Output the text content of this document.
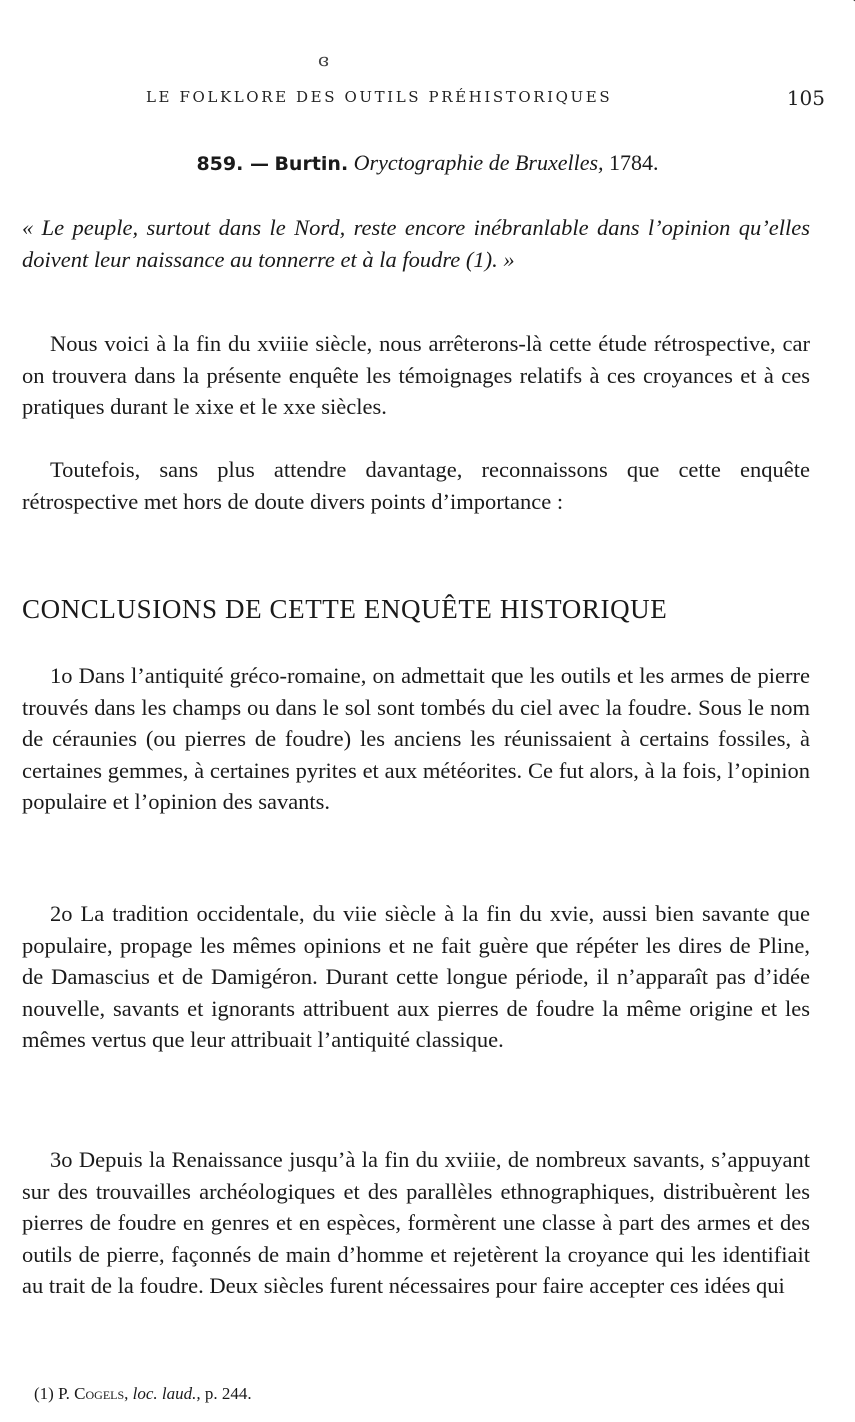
ɞ
LE FOLKLORE DES OUTILS PRÉHISTORIQUES	105
859. — Burtin. Oryctographie de Bruxelles, 1784.
« Le peuple, surtout dans le Nord, reste encore inébranlable dans l’opinion qu’elles doivent leur naissance au tonnerre et à la foudre (1). »

Nous voici à la fin du xviiie siècle, nous arrêterons-là cette étude rétrospective, car on trouvera dans la présente enquête les témoignages relatifs à ces croyances et à ces pratiques durant le xixe et le xxe siècles.

Toutefois, sans plus attendre davantage, reconnaissons que cette enquête rétrospective met hors de doute divers points d’importance :

CONCLUSIONS DE CETTE ENQUÊTE HISTORIQUE

1o Dans l’antiquité gréco-romaine, on admettait que les outils et les armes de pierre trouvés dans les champs ou dans le sol sont tombés du ciel avec la foudre. Sous le nom de céraunies (ou pierres de foudre) les anciens les réunissaient à certains fossiles, à certaines gemmes, à certaines pyrites et aux météorites. Ce fut alors, à la fois, l’opinion populaire et l’opinion des savants.

2o La tradition occidentale, du viie siècle à la fin du xvie, aussi bien savante que populaire, propage les mêmes opinions et ne fait guère que répéter les dires de Pline, de Damascius et de Damigéron. Durant cette longue période, il n’apparaît pas d’idée nouvelle, savants et ignorants attribuent aux pierres de foudre la même origine et les mêmes vertus que leur attribuait l’antiquité classique.

3o Depuis la Renaissance jusqu’à la fin du xviiie, de nombreux savants, s’appuyant sur des trouvailles archéologiques et des parallèles ethnographiques, distribuèrent les pierres de foudre en genres et en espèces, formèrent une classe à part des armes et des outils de pierre, façonnés de main d’homme et rejetèrent la croyance qui les identifiait au trait de la foudre. Deux siècles furent nécessaires pour faire accepter ces idées qui

(1) P. Cogels, loc. laud., p. 244.
